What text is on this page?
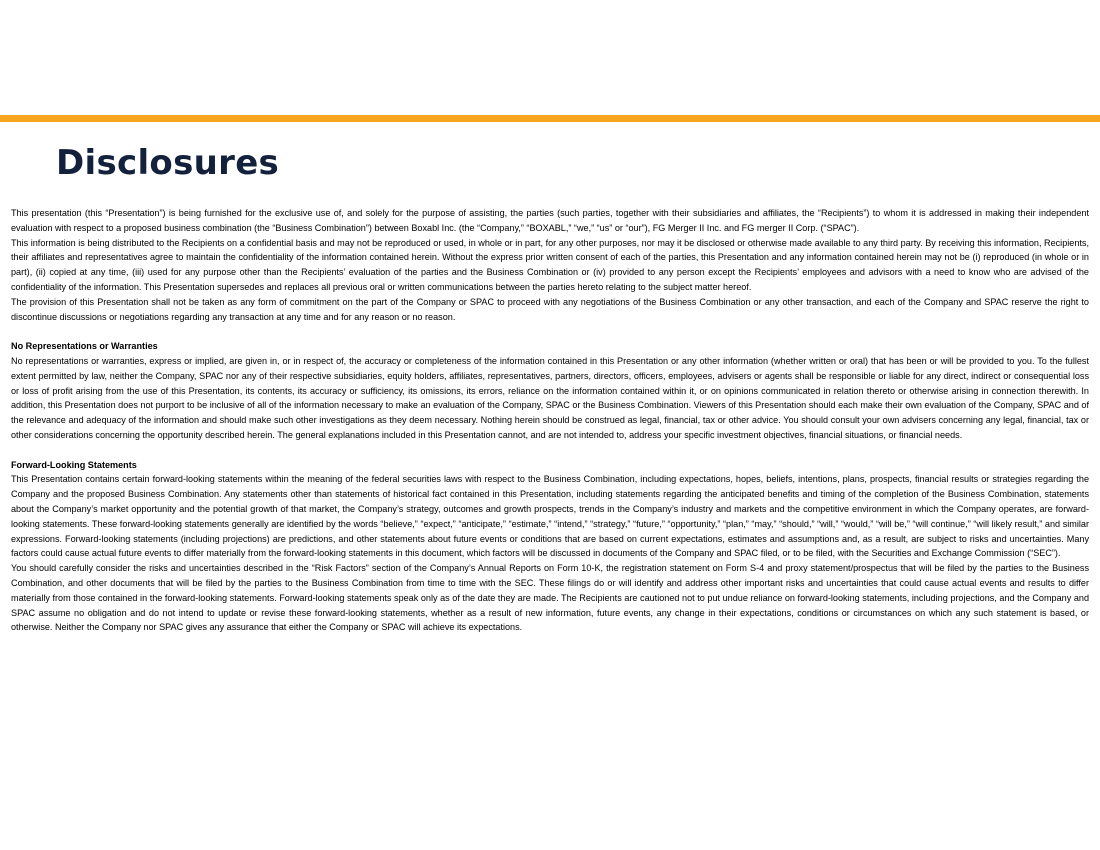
Disclosures

This presentation (this “Presentation”) is being furnished for the exclusive use of, and solely for the purpose of assisting, the parties (such parties, together with their subsidiaries and affiliates, the “Recipients”) to whom it is addressed in making their independent evaluation with respect to a proposed business combination (the “Business Combination”) between Boxabl Inc. (the “Company,” “BOXABL,” “we,” “us” or “our”), FG Merger II Inc. and FG merger II Corp. (“SPAC”).

This information is being distributed to the Recipients on a confidential basis and may not be reproduced or used, in whole or in part, for any other purposes, nor may it be disclosed or otherwise made available to any third party. By receiving this information, Recipients, their affiliates and representatives agree to maintain the confidentiality of the information contained herein. Without the express prior written consent of each of the parties, this Presentation and any information contained herein may not be (i) reproduced (in whole or in part), (ii) copied at any time, (iii) used for any purpose other than the Recipients’ evaluation of the parties and the Business Combination or (iv) provided to any person except the Recipients’ employees and advisors with a need to know who are advised of the confidentiality of the information. This Presentation supersedes and replaces all previous oral or written communications between the parties hereto relating to the subject matter hereof.

The provision of this Presentation shall not be taken as any form of commitment on the part of the Company or SPAC to proceed with any negotiations of the Business Combination or any other transaction, and each of the Company and SPAC reserve the right to discontinue discussions or negotiations regarding any transaction at any time and for any reason or no reason.

No Representations or Warranties

No representations or warranties, express or implied, are given in, or in respect of, the accuracy or completeness of the information contained in this Presentation or any other information (whether written or oral) that has been or will be provided to you. To the fullest extent permitted by law, neither the Company, SPAC nor any of their respective subsidiaries, equity holders, affiliates, representatives, partners, directors, officers, employees, advisers or agents shall be responsible or liable for any direct, indirect or consequential loss or loss of profit arising from the use of this Presentation, its contents, its accuracy or sufficiency, its omissions, its errors, reliance on the information contained within it, or on opinions communicated in relation thereto or otherwise arising in connection therewith. In addition, this Presentation does not purport to be inclusive of all of the information necessary to make an evaluation of the Company, SPAC or the Business Combination. Viewers of this Presentation should each make their own evaluation of the Company, SPAC and of the relevance and adequacy of the information and should make such other investigations as they deem necessary. Nothing herein should be construed as legal, financial, tax or other advice. You should consult your own advisers concerning any legal, financial, tax or other considerations concerning the opportunity described herein. The general explanations included in this Presentation cannot, and are not intended to, address your specific investment objectives, financial situations, or financial needs.

Forward-Looking Statements

This Presentation contains certain forward-looking statements within the meaning of the federal securities laws with respect to the Business Combination, including expectations, hopes, beliefs, intentions, plans, prospects, financial results or strategies regarding the Company and the proposed Business Combination. Any statements other than statements of historical fact contained in this Presentation, including statements regarding the anticipated benefits and timing of the completion of the Business Combination, statements about the Company’s market opportunity and the potential growth of that market, the Company’s strategy, outcomes and growth prospects, trends in the Company’s industry and markets and the competitive environment in which the Company operates, are forward-looking statements. These forward-looking statements generally are identified by the words “believe,” “expect,” “anticipate,” “estimate,” “intend,” “strategy,” “future,” “opportunity,” “plan,” “may,” “should,” “will,” “would,” “will be,” “will continue,” “will likely result,” and similar expressions. Forward-looking statements (including projections) are predictions, and other statements about future events or conditions that are based on current expectations, estimates and assumptions and, as a result, are subject to risks and uncertainties. Many factors could cause actual future events to differ materially from the forward-looking statements in this document, which factors will be discussed in documents of the Company and SPAC filed, or to be filed, with the Securities and Exchange Commission (“SEC”).

You should carefully consider the risks and uncertainties described in the “Risk Factors” section of the Company’s Annual Reports on Form 10-K, the registration statement on Form S-4 and proxy statement/prospectus that will be filed by the parties to the Business Combination, and other documents that will be filed by the parties to the Business Combination from time to time with the SEC. These filings do or will identify and address other important risks and uncertainties that could cause actual events and results to differ materially from those contained in the forward-looking statements. Forward-looking statements speak only as of the date they are made. The Recipients are cautioned not to put undue reliance on forward-looking statements, including projections, and the Company and SPAC assume no obligation and do not intend to update or revise these forward-looking statements, whether as a result of new information, future events, any change in their expectations, conditions or circumstances on which any such statement is based, or otherwise. Neither the Company nor SPAC gives any assurance that either the Company or SPAC will achieve its expectations.
